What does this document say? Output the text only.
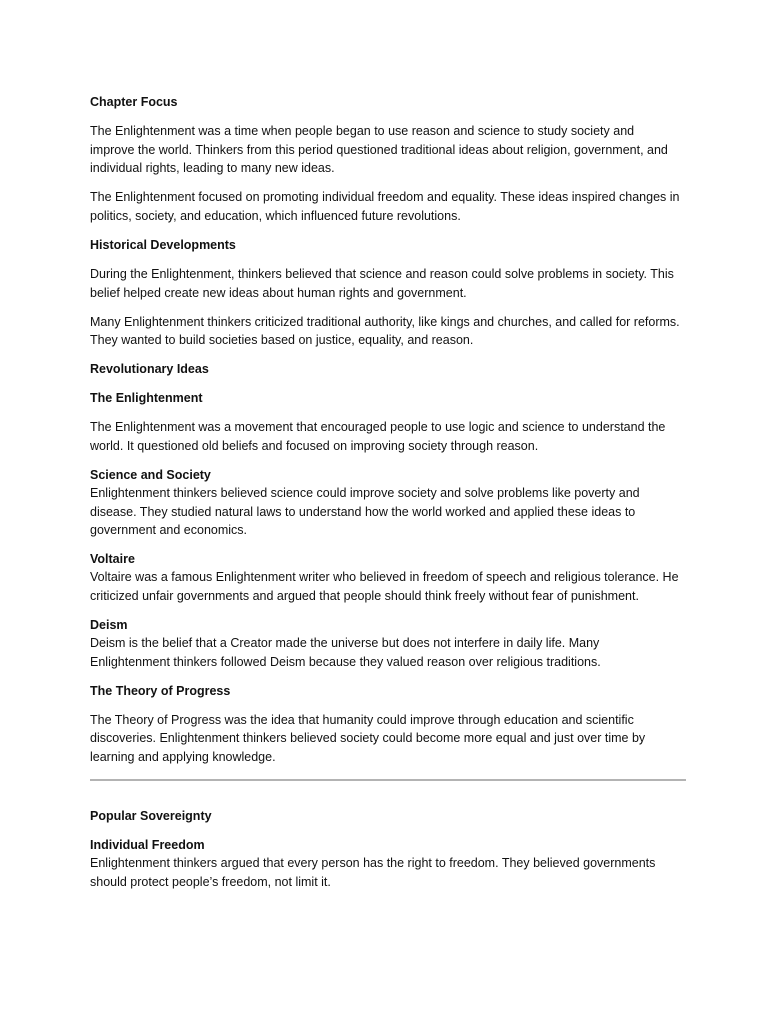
Chapter Focus
The Enlightenment was a time when people began to use reason and science to study society and improve the world. Thinkers from this period questioned traditional ideas about religion, government, and individual rights, leading to many new ideas.
The Enlightenment focused on promoting individual freedom and equality. These ideas inspired changes in politics, society, and education, which influenced future revolutions.
Historical Developments
During the Enlightenment, thinkers believed that science and reason could solve problems in society. This belief helped create new ideas about human rights and government.
Many Enlightenment thinkers criticized traditional authority, like kings and churches, and called for reforms. They wanted to build societies based on justice, equality, and reason.
Revolutionary Ideas
The Enlightenment
The Enlightenment was a movement that encouraged people to use logic and science to understand the world. It questioned old beliefs and focused on improving society through reason.
Science and Society
Enlightenment thinkers believed science could improve society and solve problems like poverty and disease. They studied natural laws to understand how the world worked and applied these ideas to government and economics.
Voltaire
Voltaire was a famous Enlightenment writer who believed in freedom of speech and religious tolerance. He criticized unfair governments and argued that people should think freely without fear of punishment.
Deism
Deism is the belief that a Creator made the universe but does not interfere in daily life. Many Enlightenment thinkers followed Deism because they valued reason over religious traditions.
The Theory of Progress
The Theory of Progress was the idea that humanity could improve through education and scientific discoveries. Enlightenment thinkers believed society could become more equal and just over time by learning and applying knowledge.
Popular Sovereignty
Individual Freedom
Enlightenment thinkers argued that every person has the right to freedom. They believed governments should protect people’s freedom, not limit it.
